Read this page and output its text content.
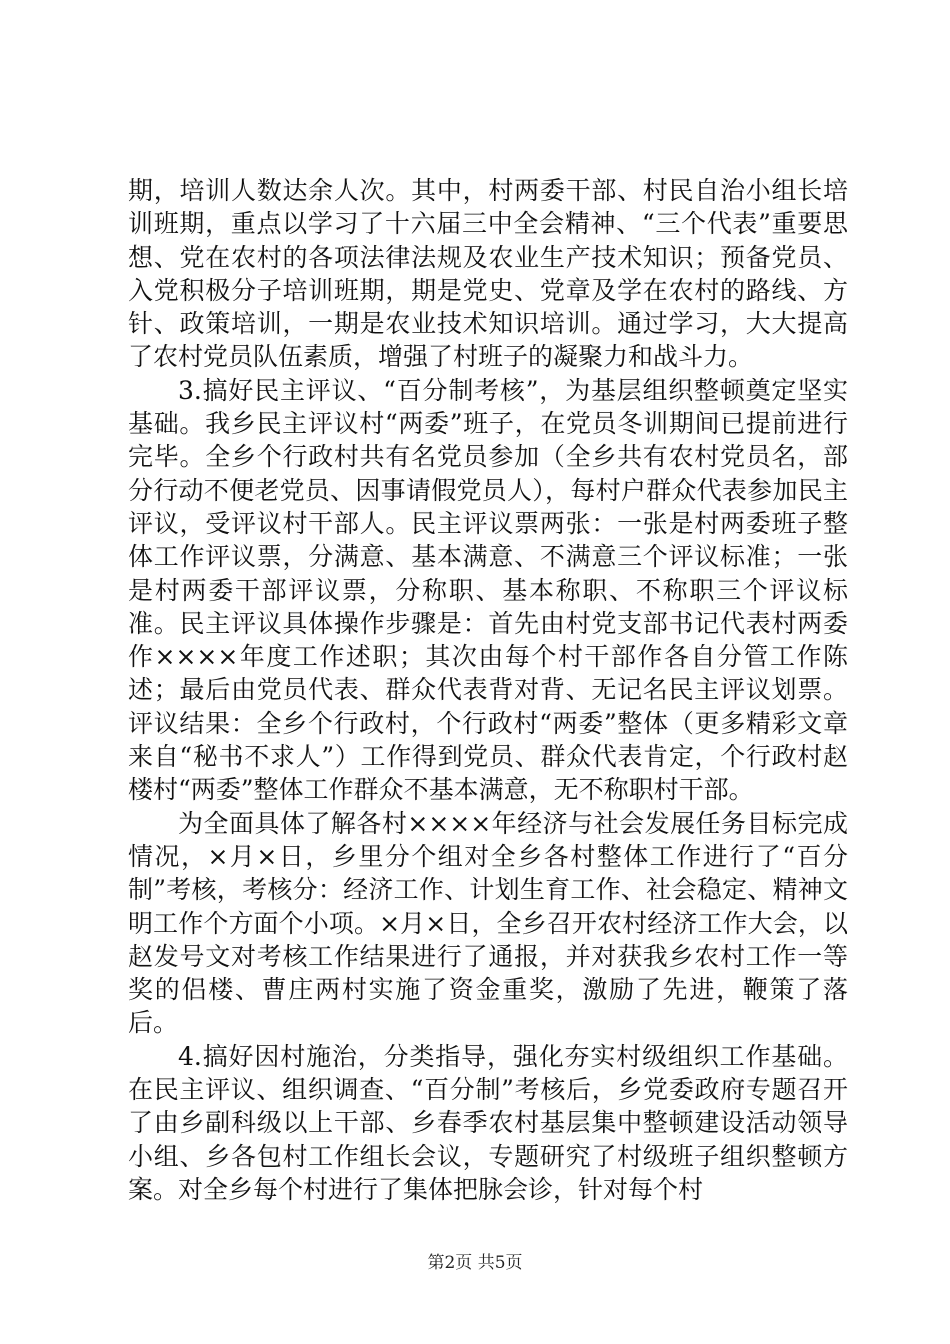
期，培训人数达余人次。其中，村两委干部、村民自治小组长培训班期，重点以学习了十六届三中全会精神、“三个代表”重要思想、党在农村的各项法律法规及农业生产技术知识；预备党员、入党积极分子培训班期，期是党史、党章及学在农村的路线、方针、政策培训，一期是农业技术知识培训。通过学习，大大提高了农村党员队伍素质，增强了村班子的凝聚力和战斗力。

3.搞好民主评议、“百分制考核”，为基层组织整顿奠定坚实基础。我乡民主评议村“两委”班子，在党员冬训期间已提前进行完毕。全乡个行政村共有名党员参加（全乡共有农村党员名，部分行动不便老党员、因事请假党员人），每村户群众代表参加民主评议，受评议村干部人。民主评议票两张：一张是村两委班子整体工作评议票，分满意、基本满意、不满意三个评议标准；一张是村两委干部评议票，分称职、基本称职、不称职三个评议标准。民主评议具体操作步骤是：首先由村党支部书记代表村两委作××××年度工作述职；其次由每个村干部作各自分管工作陈述；最后由党员代表、群众代表背对背、无记名民主评议划票。评议结果：全乡个行政村，个行政村“两委”整体（更多精彩文章来自“秘书不求人”）工作得到党员、群众代表肯定，个行政村赵楼村“两委”整体工作群众不基本满意，无不称职村干部。

为全面具体了解各村××××年经济与社会发展任务目标完成情况，×月×日，乡里分个组对全乡各村整体工作进行了“百分制”考核，考核分：经济工作、计划生育工作、社会稳定、精神文明工作个方面个小项。×月×日，全乡召开农村经济工作大会，以赵发号文对考核工作结果进行了通报，并对获我乡农村工作一等奖的侣楼、曹庄两村实施了资金重奖，激励了先进，鞭策了落后。

4.搞好因村施治，分类指导，强化夯实村级组织工作基础。在民主评议、组织调查、“百分制”考核后，乡党委政府专题召开了由乡副科级以上干部、乡春季农村基层集中整顿建设活动领导小组、乡各包村工作组长会议，专题研究了村级班子组织整顿方案。对全乡每个村进行了集体把脉会诊，针对每个村

第2页 共5页
